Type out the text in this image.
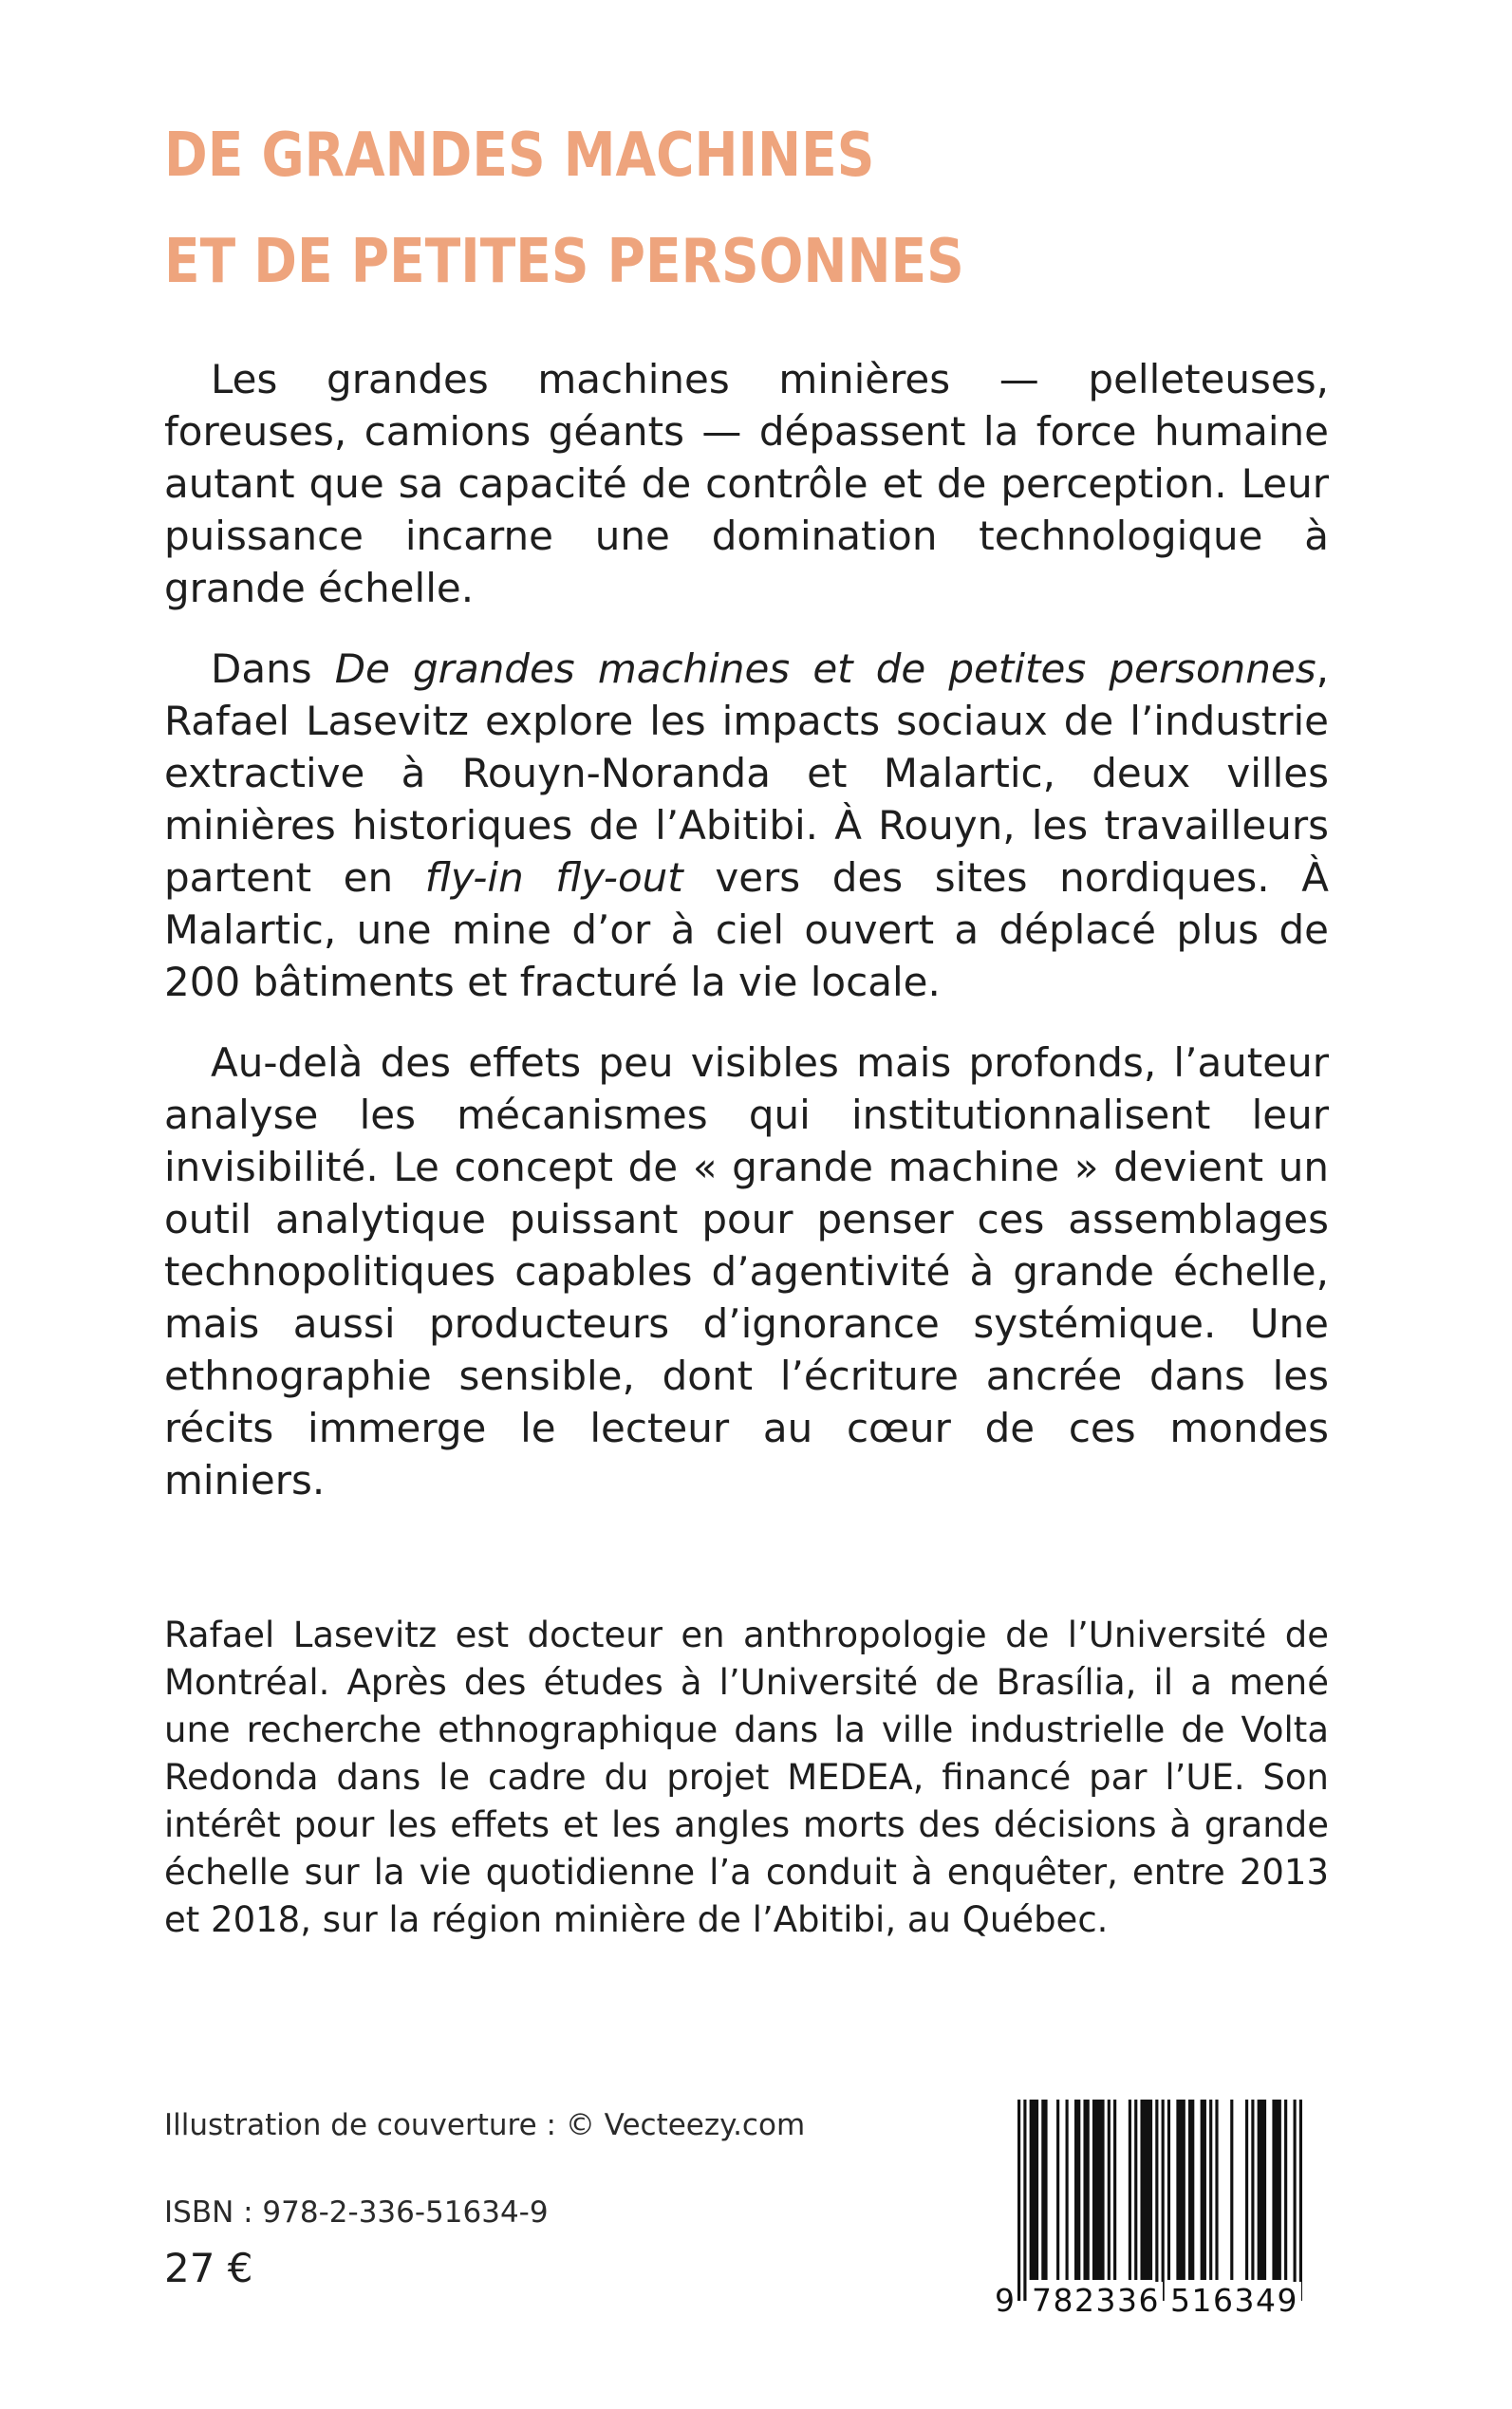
DE GRANDES MACHINES
ET DE PETITES PERSONNES

Les grandes machines minières — pelleteuses, foreuses, camions géants — dépassent la force humaine autant que sa capacité de contrôle et de perception. Leur puissance incarne une domination technologique à grande échelle.

Dans De grandes machines et de petites personnes, Rafael Lasevitz explore les impacts sociaux de l’industrie extractive à Rouyn-Noranda et Malartic, deux villes minières historiques de l’Abitibi. À Rouyn, les travailleurs partent en fly-in fly-out vers des sites nordiques. À Malartic, une mine d’or à ciel ouvert a déplacé plus de 200 bâtiments et fracturé la vie locale.

Au-delà des effets peu visibles mais profonds, l’auteur analyse les mécanismes qui institutionnalisent leur invisibilité. Le concept de « grande machine » devient un outil analytique puissant pour penser ces assemblages technopolitiques capables d’agentivité à grande échelle, mais aussi producteurs d’ignorance systémique. Une ethnographie sensible, dont l’écriture ancrée dans les récits immerge le lecteur au cœur de ces mondes miniers.

Rafael Lasevitz est docteur en anthropologie de l’Université de Montréal. Après des études à l’Université de Brasília, il a mené une recherche ethnographique dans la ville industrielle de Volta Redonda dans le cadre du projet MEDEA, financé par l’UE. Son intérêt pour les effets et les angles morts des décisions à grande échelle sur la vie quotidienne l’a conduit à enquêter, entre 2013 et 2018, sur la région minière de l’Abitibi, au Québec.

Illustration de couverture : © Vecteezy.com
ISBN : 978-2-336-51634-9
27 €
9 782336 516349
